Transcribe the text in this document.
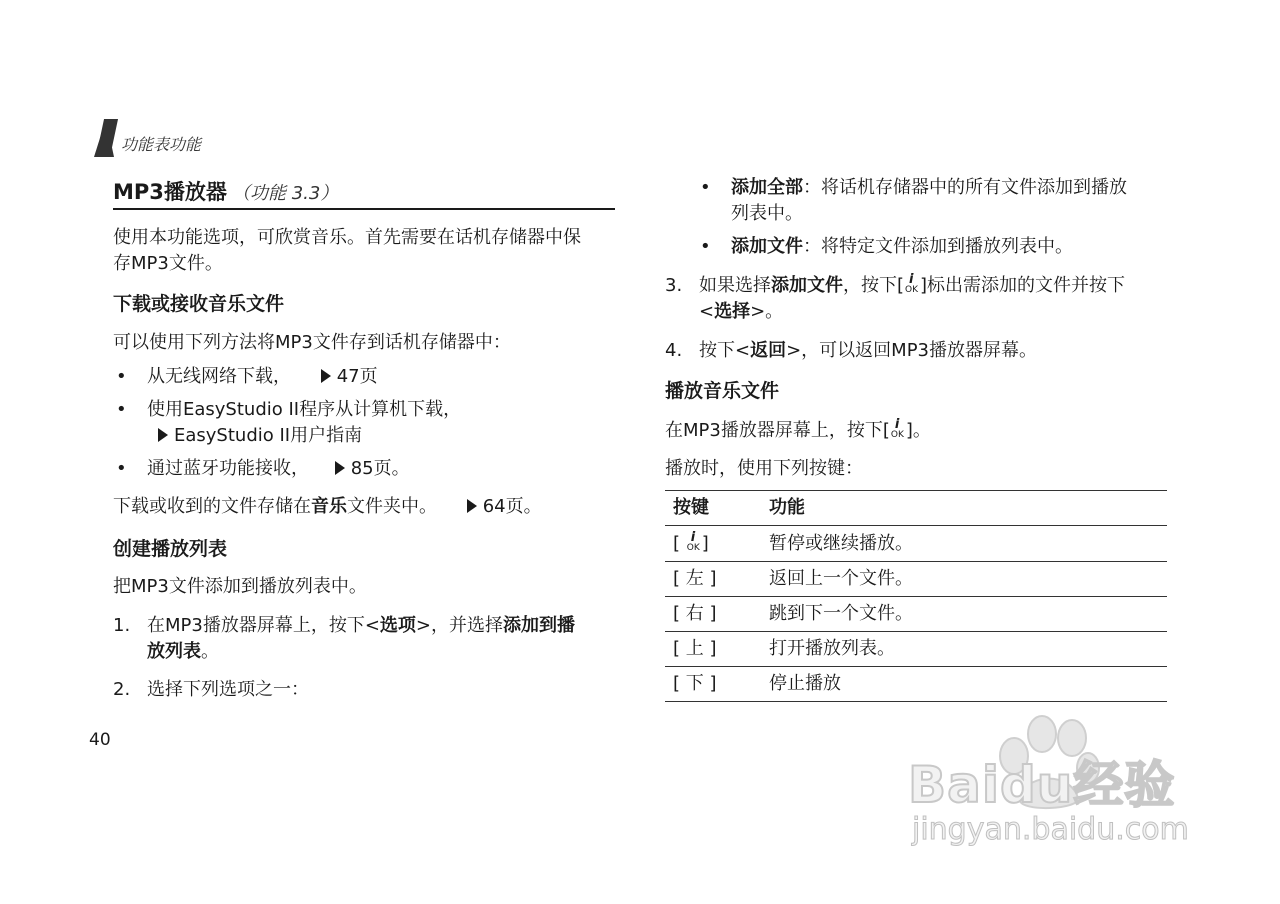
功能表功能
MP3播放器 （功能 3.3）
使用本功能选项，可欣赏音乐。首先需要在话机存储器中保
存MP3文件。
下载或接收音乐文件
可以使用下列方法将MP3文件存到话机存储器中：
• 从无线网络下载，	47页
• 使用EasyStudio II程序从计算机下载，
EasyStudio II用户指南
• 通过蓝牙功能接收， 85页。
下载或收到的文件存储在音乐文件夹中。	64页。
创建播放列表
把MP3文件添加到播放列表中。
1. 在MP3播放器屏幕上，按下<选项>，并选择添加到播
放列表。
2. 选择下列选项之一：
40
• 添加全部：将话机存储器中的所有文件添加到播放
列表中。
• 添加文件：将特定文件添加到播放列表中。
3. 如果选择添加文件，按下[ i
OK ]标出需添加的文件并按下
<选择>。
4. 按下<返回>，可以返回MP3播放器屏幕。
播放音乐文件
在MP3播放器屏幕上，按下[ i
OK ]。
播放时，使用下列按键：
按键	功能
[ i
OK ]	暂停或继续播放。
[ 左 ]	返回上一个文件。
[ 右 ]	跳到下一个文件。
[ 上 ]	打开播放列表。
[ 下 ]	停止播放
Baidu经验
jingyan.baidu.com
